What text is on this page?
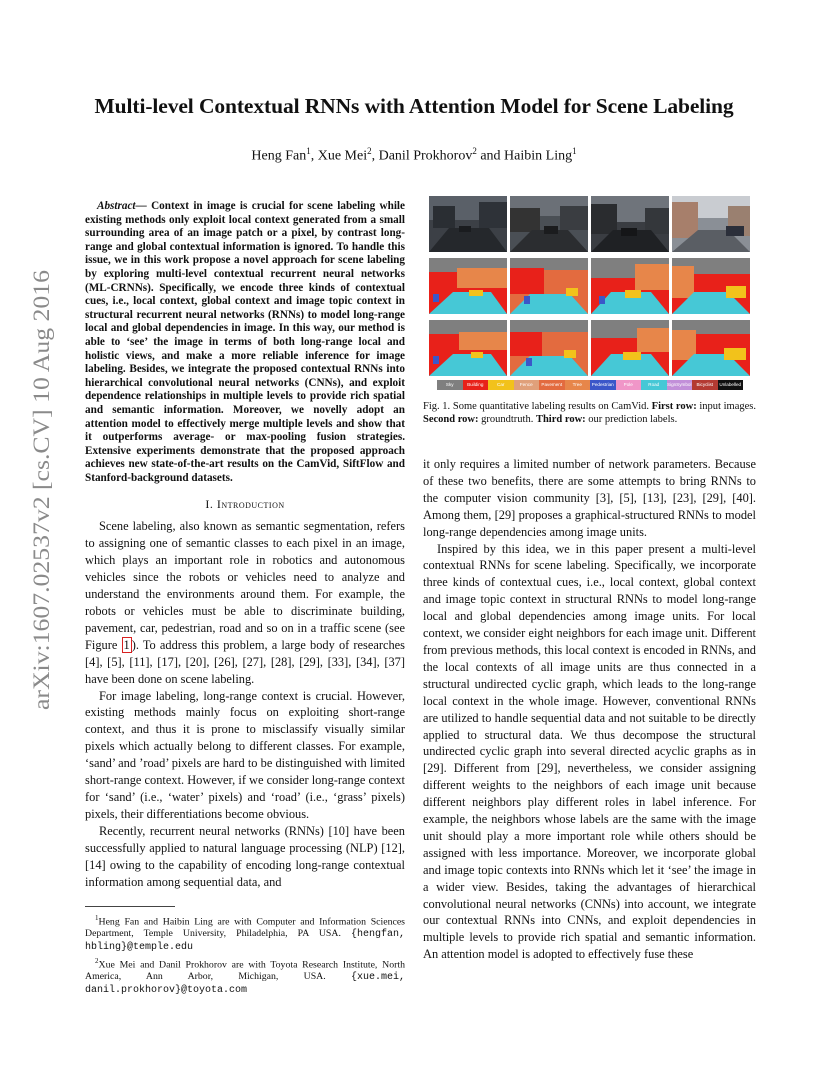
arXiv:1607.02537v2 [cs.CV] 10 Aug 2016
Multi-level Contextual RNNs with Attention Model for Scene Labeling
Heng Fan$^1$, Xue Mei$^2$, Danil Prokhorov$^2$ and Haibin Ling$^1$

Abstract— Context in image is crucial for scene labeling while existing methods only exploit local context generated from a small surrounding area of an image patch or a pixel, by contrast long-range and global contextual information is ignored. To handle this issue, we in this work propose a novel approach for scene labeling by exploring multi-level contextual recurrent neural networks (ML-CRNNs). Specifically, we encode three kinds of contextual cues, i.e., local context, global context and image topic context in structural recurrent neural networks (RNNs) to model long-range local and global dependencies in image. In this way, our method is able to ‘see’ the image in terms of both long-range local and holistic views, and make a more reliable inference for image labeling. Besides, we integrate the proposed contextual RNNs into hierarchical convolutional neural networks (CNNs), and exploit dependence relationships in multiple levels to provide rich spatial and semantic information. Moreover, we novelly adopt an attention model to effectively merge multiple levels and show that it outperforms average- or max-pooling fusion strategies. Extensive experiments demonstrate that the proposed approach achieves new state-of-the-art results on the CamVid, SiftFlow and Stanford-background datasets.

I. Introduction

Scene labeling, also known as semantic segmentation, refers to assigning one of semantic classes to each pixel in an image, which plays an important role in robotics and autonomous vehicles since the robots or vehicles need to analyze and understand the environments around them. For example, the robots or vehicles must be able to discriminate building, pavement, car, pedestrian, road and so on in a traffic scene (see Figure 1 ). To address this problem, a large body of researches [4], [5], [11], [17], [20], [26], [27], [28], [29], [33], [34], [37] have been done on scene labeling.

For image labeling, long-range context is crucial. However, existing methods mainly focus on exploiting short-range context, and thus it is prone to misclassify visually similar pixels which actually belong to different classes. For example, ‘sand’ and ’road’ pixels are hard to be distinguished with limited short-range context. However, if we consider long-range context for ‘sand’ (i.e., ‘water’ pixels) and ‘road’ (i.e., ‘grass’ pixels) pixels, their differentiations become obvious.

Recently, recurrent neural networks (RNNs) [10] have been successfully applied to natural language processing (NLP) [12], [14] owing to the capability of encoding long-range contextual information among sequential data, and

$^1$Heng Fan and Haibin Ling are with Computer and Information Sciences Department, Temple University, Philadelphia, PA USA. {hengfan, hbling}@temple.edu

$^2$Xue Mei and Danil Prokhorov are with Toyota Research Institute, North America, Ann Arbor, Michigan, USA. {xue.mei, danil.prokhorov}@toyota.com

Sky	Building	Car	Fence	Pavement	Tree	Pedestrian	Pole	Road	SignSymbol	Bicyclist	Unlabelled

Fig. 1. Some quantitative labeling results on CamVid. First row: input images. Second row: groundtruth. Third row: our prediction labels.

it only requires a limited number of network parameters. Because of these two benefits, there are some attempts to bring RNNs to the computer vision community [3], [5], [13], [23], [29], [40]. Among them, [29] proposes a graphical-structured RNNs to model long-range dependencies among image units.

Inspired by this idea, we in this paper present a multi-level contextual RNNs for scene labeling. Specifically, we incorporate three kinds of contextual cues, i.e., local context, global context and image topic context in structural RNNs to model long-range local and global dependencies among image units. For local context, we consider eight neighbors for each image unit. Different from previous methods, this local context is encoded in RNNs, and the local contexts of all image units are thus connected in a structural undirected cyclic graph, which leads to the long-range local context in the whole image. However, conventional RNNs are utilized to handle sequential data and not suitable to be directly applied to structural data. We thus decompose the structural undirected cyclic graph into several directed acyclic graphs as in [29]. Different from [29], nevertheless, we consider assigning different weights to the neighbors of each image unit because different neighbors play different roles in label inference. For example, the neighbors whose labels are the same with the image unit should play a more important role while others should be assigned with less importance. Moreover, we incorporate global and image topic contexts into RNNs which let it ‘see’ the image in a wider view. Besides, taking the advantages of hierarchical convolutional neural networks (CNNs) into account, we integrate our contextual RNNs into CNNs, and exploit dependencies in multiple levels to provide rich spatial and semantic information. An attention model is adopted to effectively fuse these
